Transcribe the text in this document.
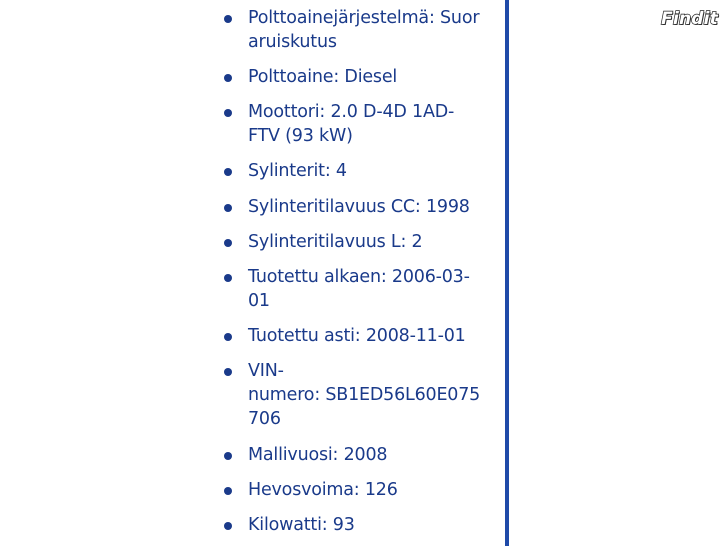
Polttoainejärjestelmä: Suor
aruiskutus
Polttoaine: Diesel
Moottori: 2.0 D-4D 1AD-
FTV (93 kW)
Sylinterit: 4
Sylinteritilavuus CC: 1998
Sylinteritilavuus L: 2
Tuotettu alkaen: 2006-03-
01
Tuotettu asti: 2008-11-01
VIN-
numero: SB1ED56L60E075
706
Mallivuosi: 2008
Hevosvoima: 126
Kilowatti: 93
Findit
